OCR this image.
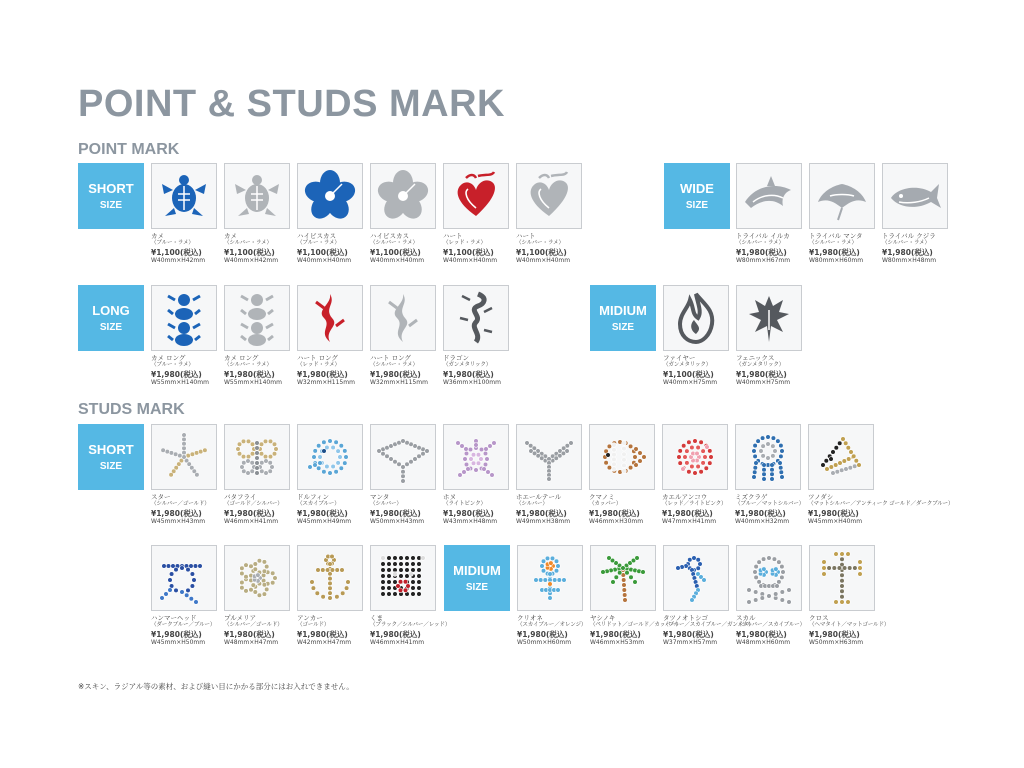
POINT & STUDS MARK
POINT MARK
STUDS MARK
SHORT
SIZE
WIDE
SIZE
LONG
SIZE
MIDIUM
SIZE
SHORT
SIZE
MIDIUM
SIZE
カメ
（ブルー・ラメ）
¥1,100(税込)
W40mm×H42mm
カメ
（シルバー・ラメ）
¥1,100(税込)
W40mm×H42mm
ハイビスカス
（ブルー・ラメ）
¥1,100(税込)
W40mm×H40mm
ハイビスカス
（シルバー・ラメ）
¥1,100(税込)
W40mm×H40mm
ハート
（レッド・ラメ）
¥1,100(税込)
W40mm×H40mm
ハート
（シルバー・ラメ）
¥1,100(税込)
W40mm×H40mm
トライバル イルカ
（シルバー・ラメ）
¥1,980(税込)
W80mm×H67mm
トライバル マンタ
（シルバー・ラメ）
¥1,980(税込)
W80mm×H60mm
トライバル クジラ
（シルバー・ラメ）
¥1,980(税込)
W80mm×H48mm
カメ ロング
（ブルー・ラメ）
¥1,980(税込)
W55mm×H140mm
カメ ロング
（シルバー・ラメ）
¥1,980(税込)
W55mm×H140mm
ハート ロング
（レッド・ラメ）
¥1,980(税込)
W32mm×H115mm
ハート ロング
（シルバー・ラメ）
¥1,980(税込)
W32mm×H115mm
ドラゴン
（ガンメタリック）
¥1,980(税込)
W36mm×H100mm
ファイヤー
（ガンメタリック）
¥1,100(税込)
W40mm×H75mm
フェニックス
（ガンメタリック）
¥1,980(税込)
W40mm×H75mm
スター
（シルバー／ゴールド）
¥1,980(税込)
W45mm×H43mm
バタフライ
（ゴールド／シルバー）
¥1,980(税込)
W46mm×H41mm
ドルフィン
（スカイブルー）
¥1,980(税込)
W45mm×H49mm
マンタ
（シルバー）
¥1,980(税込)
W50mm×H43mm
ホヌ
（ライトピンク）
¥1,980(税込)
W43mm×H48mm
ホエールテール
（シルバー）
¥1,980(税込)
W49mm×H38mm
クマノミ
（カッパー）
¥1,980(税込)
W46mm×H30mm
カエルアンコウ
（レッド／ライトピンク）
¥1,980(税込)
W47mm×H41mm
ミズクラゲ
（ブルー／マットシルバー）
¥1,980(税込)
W40mm×H32mm
ツノダシ
（マットシルバー／アンティーク ゴールド／ダークブルー）
¥1,980(税込)
W45mm×H40mm
ハンマーヘッド
（ダークブルー／ブルー）
¥1,980(税込)
W45mm×H50mm
プルメリア
（シルバー／ゴールド）
¥1,980(税込)
W48mm×H47mm
アンカー
（ゴールド）
¥1,980(税込)
W42mm×H47mm
くま
（ブラック／シルバー／レッド）
¥1,980(税込)
W46mm×H41mm
クリオネ
（スカイブルー／オレンジ）
¥1,980(税込)
W50mm×H60mm
ヤシノキ
（ペリドット／ゴールド／カッパー）
¥1,980(税込)
W46mm×H53mm
タツノオトシゴ
（ブルー／スカイブルー／ガンメタ）
¥1,980(税込)
W37mm×H57mm
スカル
（シルバー／スカイブルー）
¥1,980(税込)
W48mm×H60mm
クロス
（ヘマタイト／マットゴールド）
¥1,980(税込)
W50mm×H63mm
※スキン、ラジアル等の素材、および縫い目にかかる部分にはお入れできません。
